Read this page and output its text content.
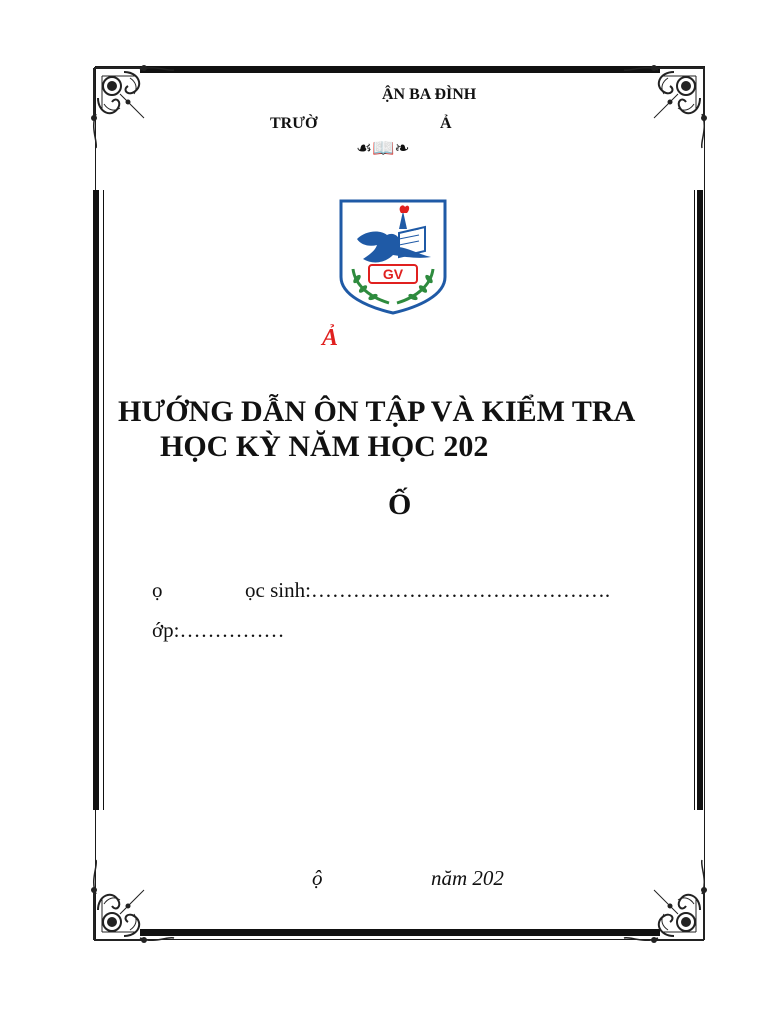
ẬN BA ĐÌNH
TRƯỜ	Ả
☙📖❧
GV
Ả
HƯỚNG DẪN ÔN TẬP VÀ KIỂM TRA
HỌC KỲ NĂM HỌC 202
Ố
ọ	ọc sinh:…………………………………….
ớp:……………
ộ	năm 202
